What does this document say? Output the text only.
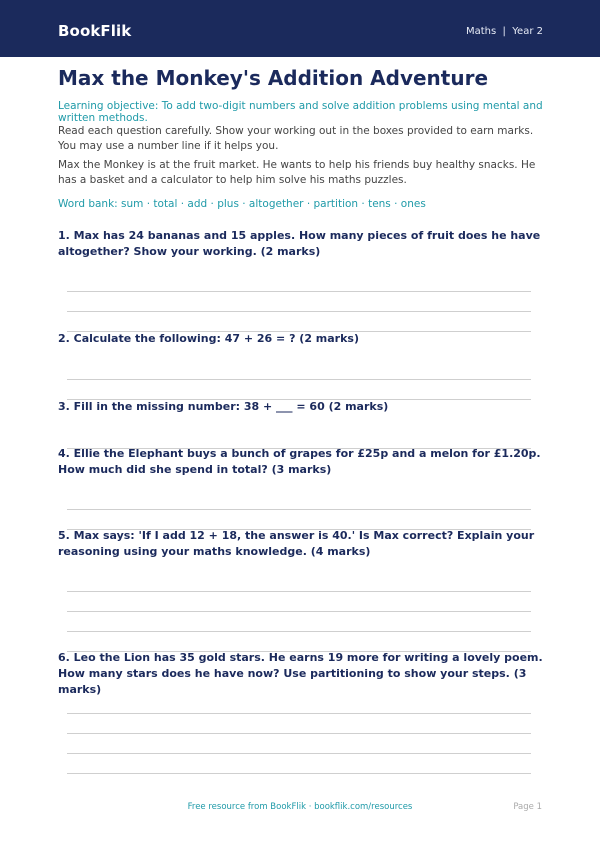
BookFlik	Maths | Year 2
Max the Monkey's Addition Adventure
Learning objective: To add two-digit numbers and solve addition problems using mental and written methods.
Read each question carefully. Show your working out in the boxes provided to earn marks. You may use a number line if it helps you.
Max the Monkey is at the fruit market. He wants to help his friends buy healthy snacks. He has a basket and a calculator to help him solve his maths puzzles.
Word bank: sum · total · add · plus · altogether · partition · tens · ones
1. Max has 24 bananas and 15 apples. How many pieces of fruit does he have altogether? Show your working. (2 marks)
2. Calculate the following: 47 + 26 = ? (2 marks)
3. Fill in the missing number: 38 + ___ = 60 (2 marks)
4. Ellie the Elephant buys a bunch of grapes for £25p and a melon for £1.20p. How much did she spend in total? (3 marks)
5. Max says: 'If I add 12 + 18, the answer is 40.' Is Max correct? Explain your reasoning using your maths knowledge. (4 marks)
6. Leo the Lion has 35 gold stars. He earns 19 more for writing a lovely poem. How many stars does he have now? Use partitioning to show your steps. (3 marks)
Free resource from BookFlik · bookflik.com/resources	Page 1
